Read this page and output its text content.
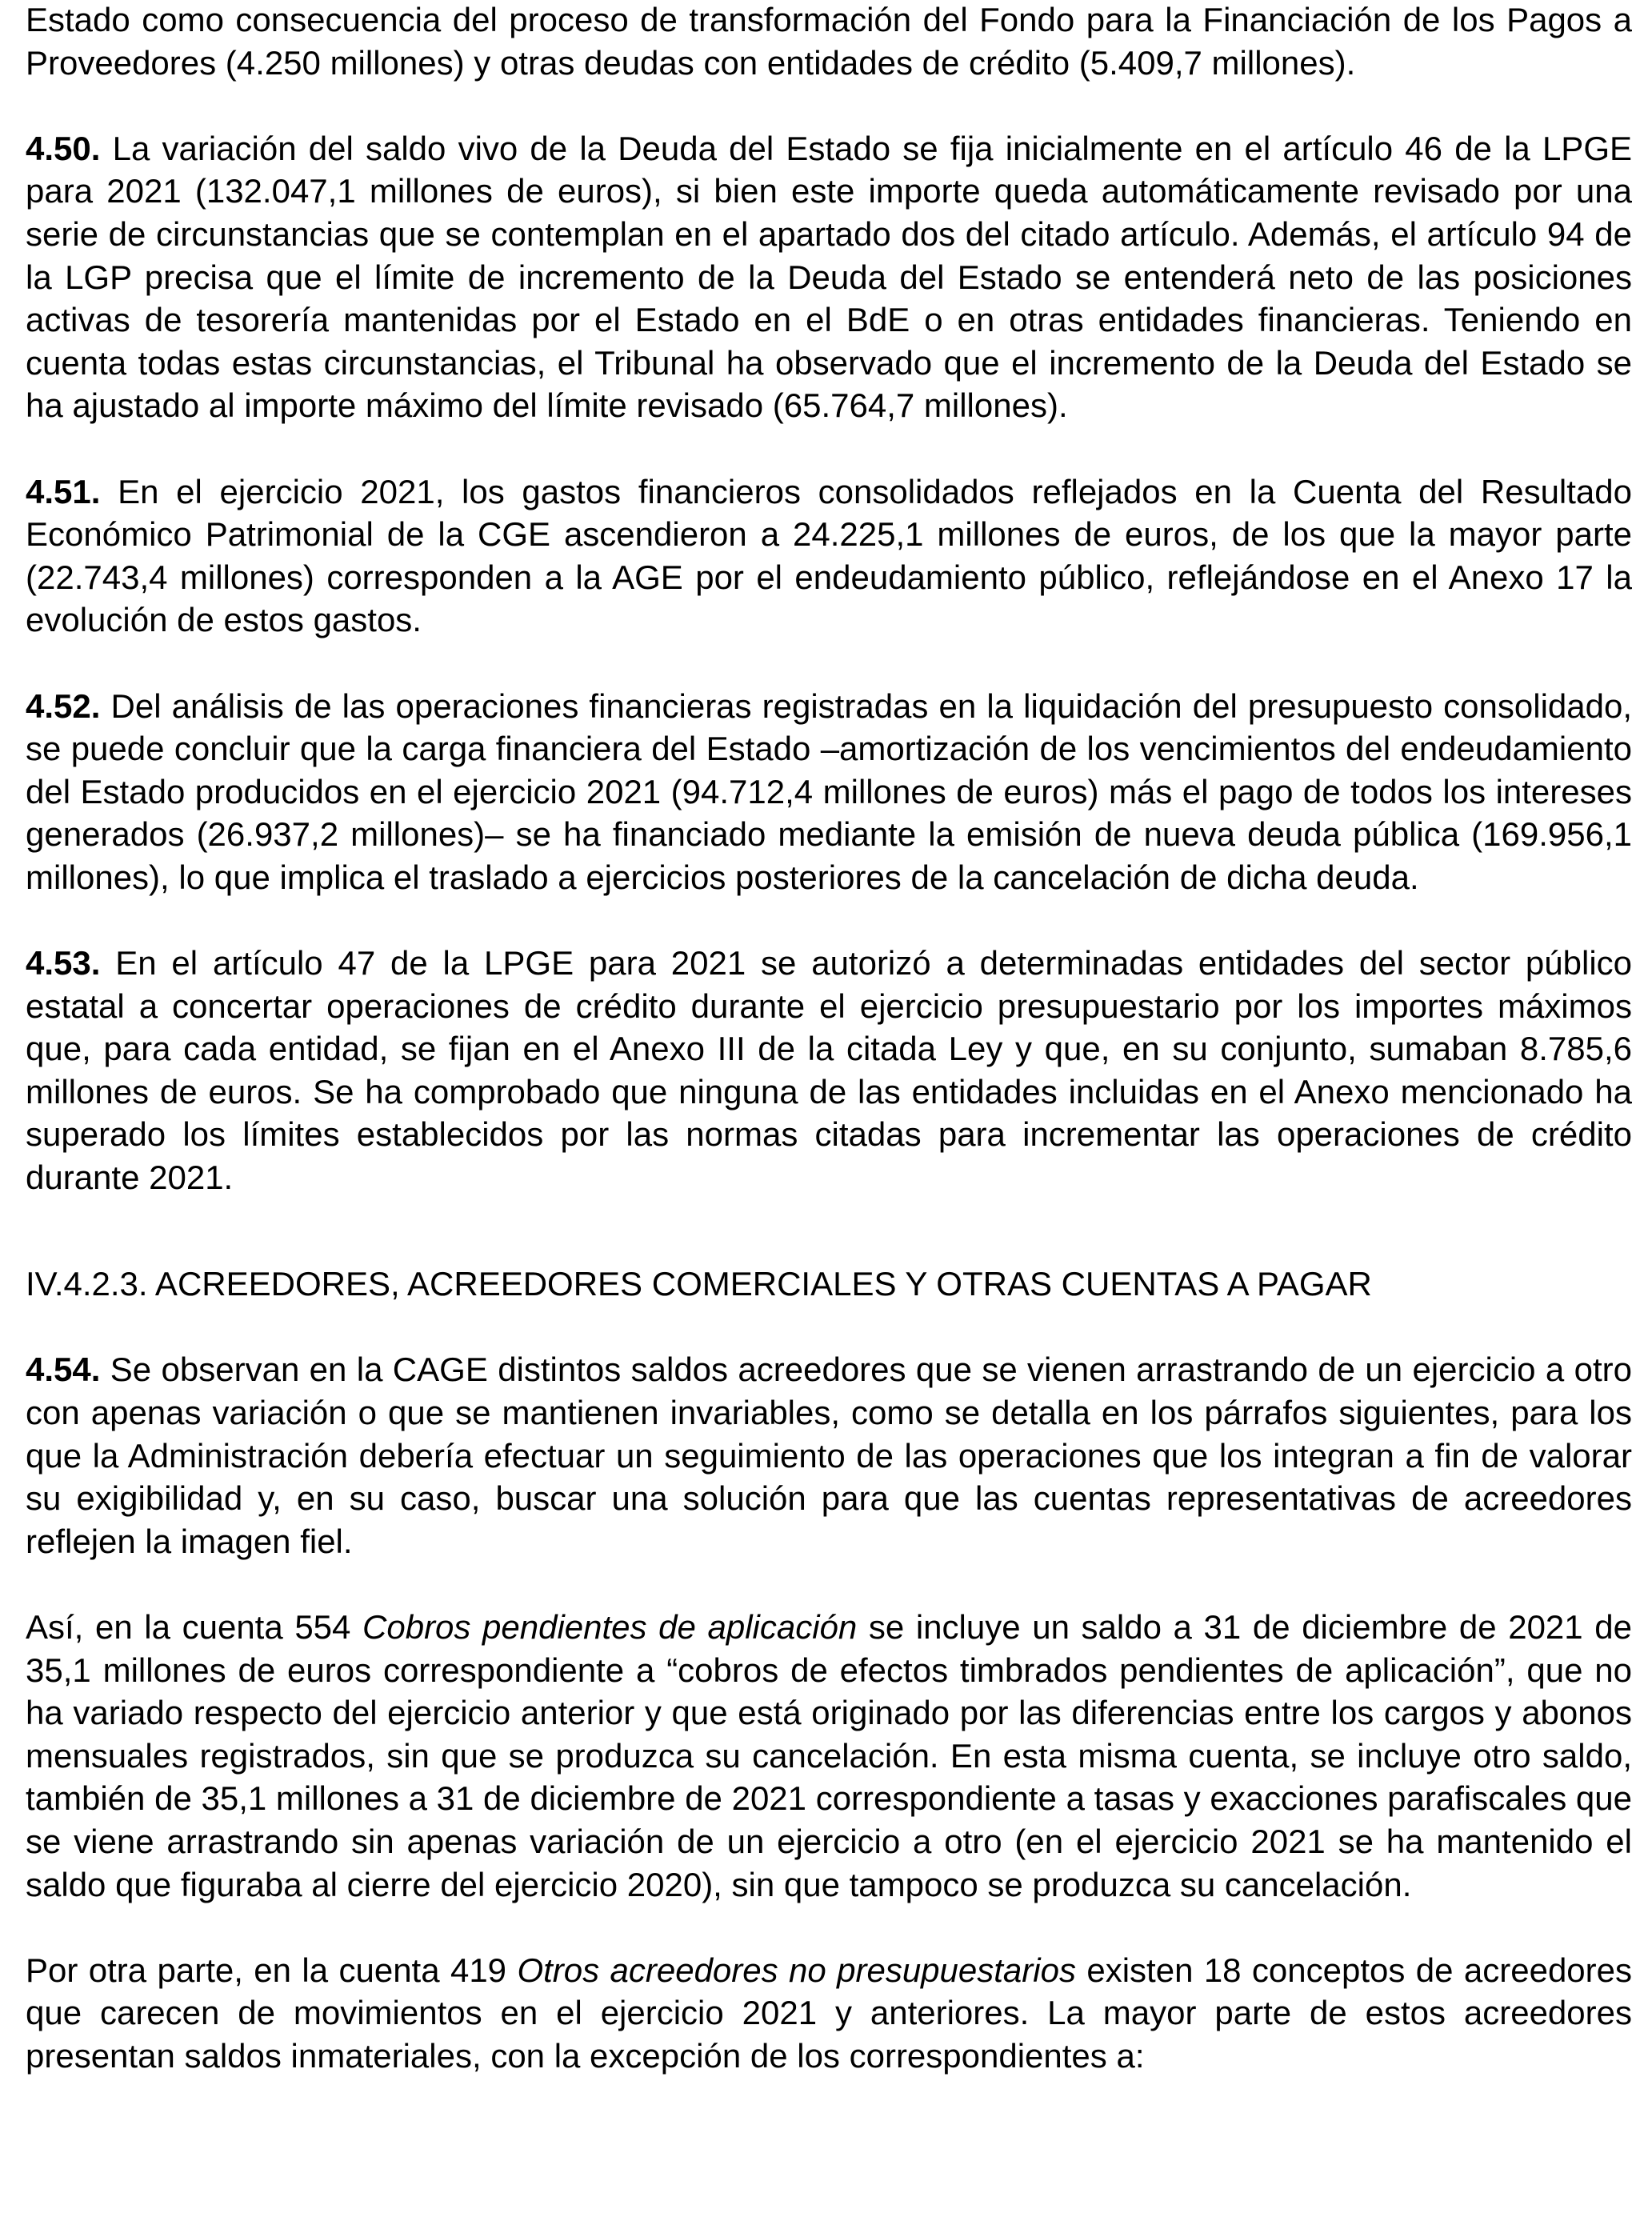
Estado como consecuencia del proceso de transformación del Fondo para la Financiación de los Pagos a Proveedores (4.250 millones) y otras deudas con entidades de crédito (5.409,7 millones).

4.50. La variación del saldo vivo de la Deuda del Estado se fija inicialmente en el artículo 46 de la LPGE para 2021 (132.047,1 millones de euros), si bien este importe queda automáticamente revisado por una serie de circunstancias que se contemplan en el apartado dos del citado artículo. Además, el artículo 94 de la LGP precisa que el límite de incremento de la Deuda del Estado se entenderá neto de las posiciones activas de tesorería mantenidas por el Estado en el BdE o en otras entidades financieras. Teniendo en cuenta todas estas circunstancias, el Tribunal ha observado que el incremento de la Deuda del Estado se ha ajustado al importe máximo del límite revisado (65.764,7 millones).

4.51. En el ejercicio 2021, los gastos financieros consolidados reflejados en la Cuenta del Resultado Económico Patrimonial de la CGE ascendieron a 24.225,1 millones de euros, de los que la mayor parte (22.743,4 millones) corresponden a la AGE por el endeudamiento público, reflejándose en el Anexo 17 la evolución de estos gastos.

4.52. Del análisis de las operaciones financieras registradas en la liquidación del presupuesto consolidado, se puede concluir que la carga financiera del Estado –amortización de los vencimientos del endeudamiento del Estado producidos en el ejercicio 2021 (94.712,4 millones de euros) más el pago de todos los intereses generados (26.937,2 millones)– se ha financiado mediante la emisión de nueva deuda pública (169.956,1 millones), lo que implica el traslado a ejercicios posteriores de la cancelación de dicha deuda.

4.53. En el artículo 47 de la LPGE para 2021 se autorizó a determinadas entidades del sector público estatal a concertar operaciones de crédito durante el ejercicio presupuestario por los importes máximos que, para cada entidad, se fijan en el Anexo III de la citada Ley y que, en su conjunto, sumaban 8.785,6 millones de euros. Se ha comprobado que ninguna de las entidades incluidas en el Anexo mencionado ha superado los límites establecidos por las normas citadas para incrementar las operaciones de crédito durante 2021.

IV.4.2.3. ACREEDORES, ACREEDORES COMERCIALES Y OTRAS CUENTAS A PAGAR

4.54. Se observan en la CAGE distintos saldos acreedores que se vienen arrastrando de un ejercicio a otro con apenas variación o que se mantienen invariables, como se detalla en los párrafos siguientes, para los que la Administración debería efectuar un seguimiento de las operaciones que los integran a fin de valorar su exigibilidad y, en su caso, buscar una solución para que las cuentas representativas de acreedores reflejen la imagen fiel.

Así, en la cuenta 554 Cobros pendientes de aplicación se incluye un saldo a 31 de diciembre de 2021 de 35,1 millones de euros correspondiente a “cobros de efectos timbrados pendientes de aplicación”, que no ha variado respecto del ejercicio anterior y que está originado por las diferencias entre los cargos y abonos mensuales registrados, sin que se produzca su cancelación. En esta misma cuenta, se incluye otro saldo, también de 35,1 millones a 31 de diciembre de 2021 correspondiente a tasas y exacciones parafiscales que se viene arrastrando sin apenas variación de un ejercicio a otro (en el ejercicio 2021 se ha mantenido el saldo que figuraba al cierre del ejercicio 2020), sin que tampoco se produzca su cancelación.

Por otra parte, en la cuenta 419 Otros acreedores no presupuestarios existen 18 conceptos de acreedores que carecen de movimientos en el ejercicio 2021 y anteriores. La mayor parte de estos acreedores presentan saldos inmateriales, con la excepción de los correspondientes a:
